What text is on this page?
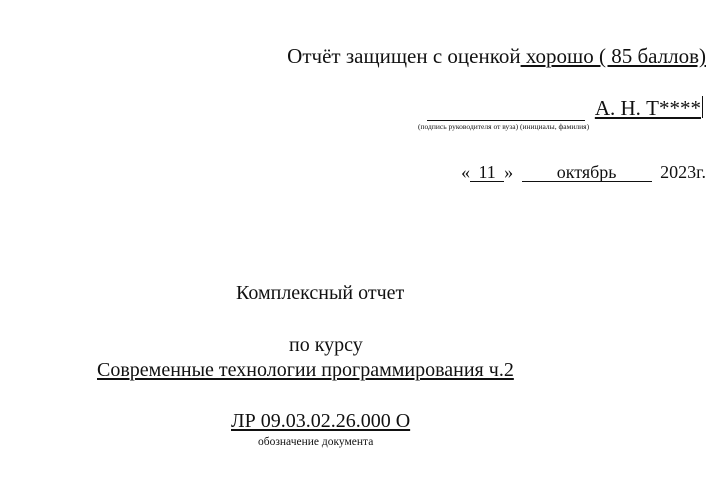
Отчёт защищен с оценкой хорошо ( 85 баллов)
А. Н. Т****
(подпись руководителя от вуза) (инициалы, фамилия)
« 11 » октябрь 2023г.
Комплексный отчет
по курсу
Современные технологии программирования ч.2
ЛР 09.03.02.26.000 О
обозначение документа
